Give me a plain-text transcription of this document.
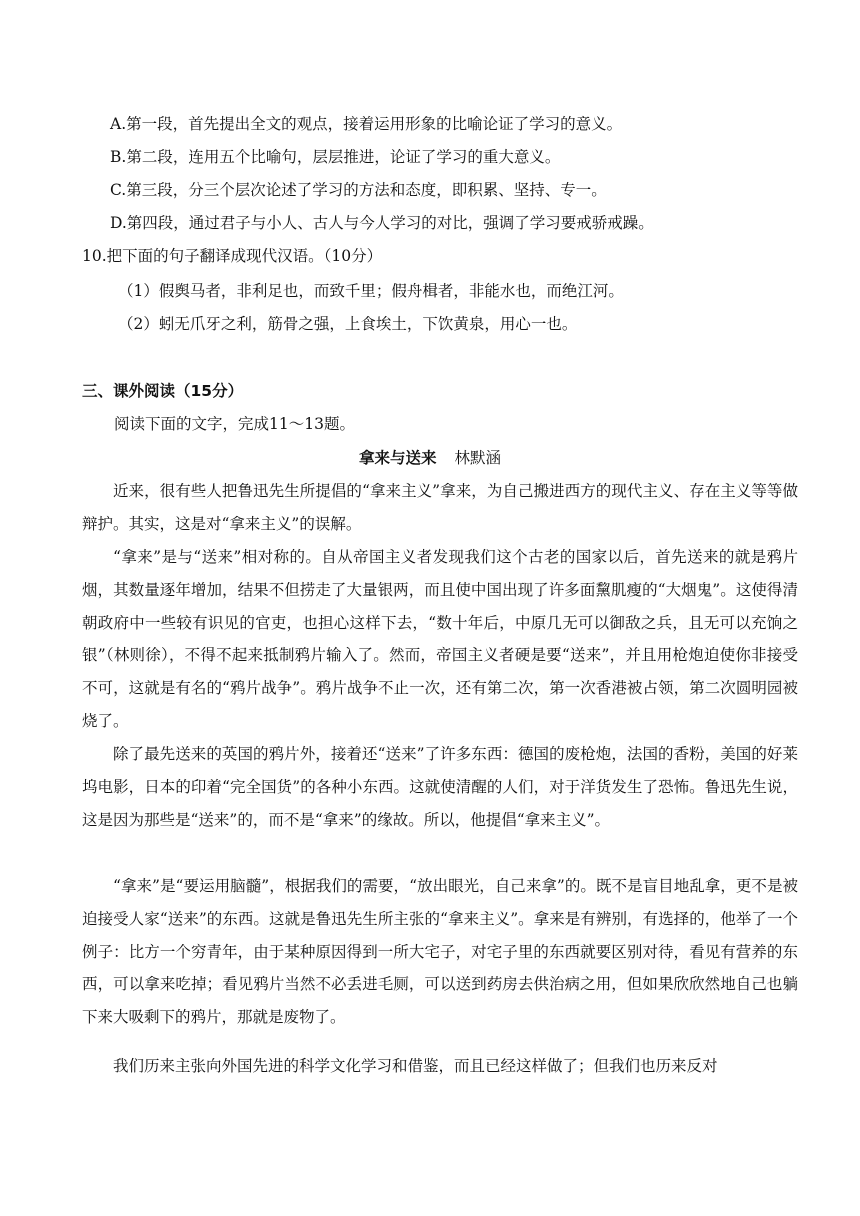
A.第一段，首先提出全文的观点，接着运用形象的比喻论证了学习的意义。
B.第二段，连用五个比喻句，层层推进，论证了学习的重大意义。
C.第三段，分三个层次论述了学习的方法和态度，即积累、坚持、专一。
D.第四段，通过君子与小人、古人与今人学习的对比，强调了学习要戒骄戒躁。
10.把下面的句子翻译成现代汉语。（10分）
（1）假舆马者，非利足也，而致千里；假舟楫者，非能水也，而绝江河。
（2）蚓无爪牙之利，筋骨之强，上食埃土，下饮黄泉，用心一也。
三、课外阅读（15分）
阅读下面的文字，完成11～13题。
拿来与送来 林默涵
近来，很有些人把鲁迅先生所提倡的“拿来主义”拿来，为自己搬进西方的现代主义、存在主义等等做辩护。其实，这是对“拿来主义”的误解。
“拿来”是与“送来”相对称的。自从帝国主义者发现我们这个古老的国家以后，首先送来的就是鸦片烟，其数量逐年增加，结果不但捞走了大量银两，而且使中国出现了许多面黧肌瘦的“大烟鬼”。这使得清朝政府中一些较有识见的官吏，也担心这样下去，“数十年后，中原几无可以御敌之兵，且无可以充饷之银”（林则徐），不得不起来抵制鸦片输入了。然而，帝国主义者硬是要“送来”，并且用枪炮迫使你非接受不可，这就是有名的“鸦片战争”。鸦片战争不止一次，还有第二次，第一次香港被占领，第二次圆明园被烧了。
除了最先送来的英国的鸦片外，接着还“送来”了许多东西：德国的废枪炮，法国的香粉，美国的好莱坞电影，日本的印着“完全国货”的各种小东西。这就使清醒的人们，对于洋货发生了恐怖。鲁迅先生说，这是因为那些是“送来”的，而不是“拿来”的缘故。所以，他提倡“拿来主义”。
“拿来”是“要运用脑髓”，根据我们的需要，“放出眼光，自己来拿”的。既不是盲目地乱拿，更不是被迫接受人家“送来”的东西。这就是鲁迅先生所主张的“拿来主义”。拿来是有辨别，有选择的，他举了一个例子：比方一个穷青年，由于某种原因得到一所大宅子，对宅子里的东西就要区别对待，看见有营养的东西，可以拿来吃掉；看见鸦片当然不必丢进毛厕，可以送到药房去供治病之用，但如果欣欣然地自己也躺下来大吸剩下的鸦片，那就是废物了。
我们历来主张向外国先进的科学文化学习和借鉴，而且已经这样做了；但我们也历来反对
